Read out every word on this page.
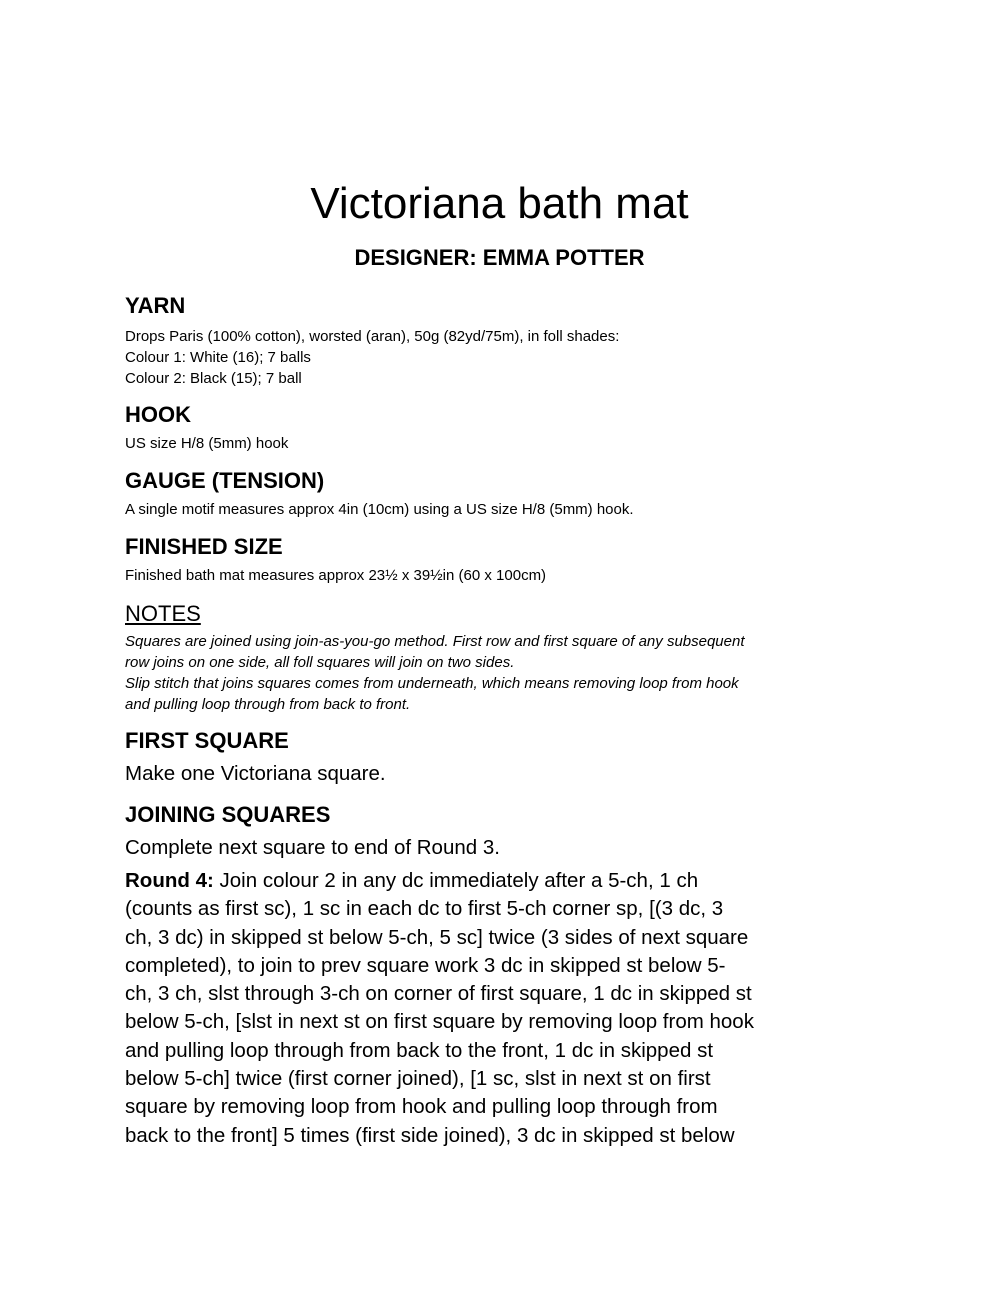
Victoriana bath mat
DESIGNER: EMMA POTTER
YARN
Drops Paris (100% cotton), worsted (aran), 50g (82yd/75m), in foll shades:
Colour 1: White (16); 7 balls
Colour 2: Black (15); 7 ball
HOOK
US size H/8 (5mm) hook
GAUGE (TENSION)
A single motif measures approx 4in (10cm) using a US size H/8 (5mm) hook.
FINISHED SIZE
Finished bath mat measures approx 23½ x 39½in (60 x 100cm)
NOTES
Squares are joined using join-as-you-go method. First row and first square of any subsequent
row joins on one side, all foll squares will join on two sides.
Slip stitch that joins squares comes from underneath, which means removing loop from hook
and pulling loop through from back to front.
FIRST SQUARE
Make one Victoriana square.
JOINING SQUARES
Complete next square to end of Round 3.
Round 4: Join colour 2 in any dc immediately after a 5-ch, 1 ch
(counts as first sc), 1 sc in each dc to first 5-ch corner sp, [(3 dc, 3
ch, 3 dc) in skipped st below 5-ch, 5 sc] twice (3 sides of next square
completed), to join to prev square work 3 dc in skipped st below 5-
ch, 3 ch, slst through 3-ch on corner of first square, 1 dc in skipped st
below 5-ch, [slst in next st on first square by removing loop from hook
and pulling loop through from back to the front, 1 dc in skipped st
below 5-ch] twice (first corner joined), [1 sc, slst in next st on first
square by removing loop from hook and pulling loop through from
back to the front] 5 times (first side joined), 3 dc in skipped st below
